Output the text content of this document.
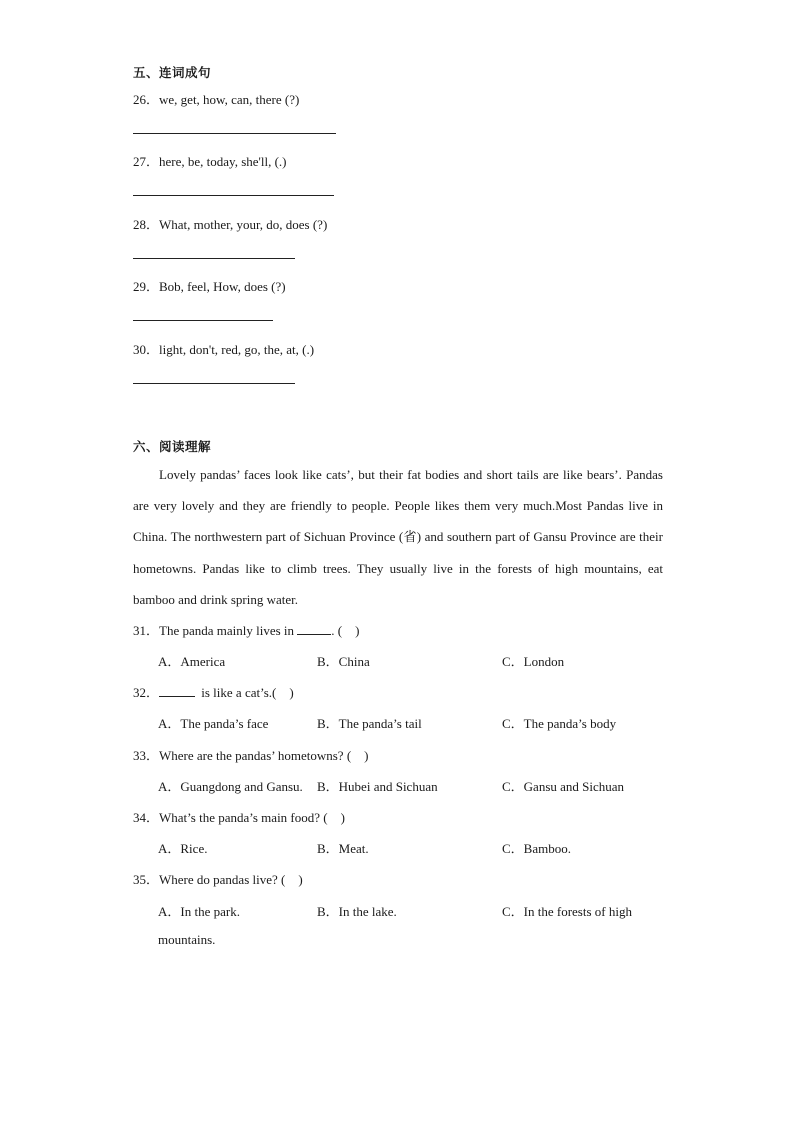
五、连词成句
26．we, get, how, can, there (?)
27．here, be, today, she'll, (.)
28．What, mother, your, do, does (?)
29．Bob, feel, How, does (?)
30．light, don't, red, go, the, at, (.)
六、阅读理解

Lovely pandas’ faces look like cats’, but their fat bodies and short tails are like bears’. Pandas are very lovely and they are friendly to people. People likes them very much.Most Pandas live in China. The northwestern part of Sichuan Province (省) and southern part of Gansu Province are their hometowns. Pandas like to climb trees. They usually live in the forests of high mountains, eat bamboo and drink spring water.

31．The panda mainly lives in	. (　)
A．America	B．China	C．London
32．	is like a cat’s.(　)
A．The panda’s face	B．The panda’s tail	C．The panda’s body
33．Where are the pandas’ hometowns? (　)
A．Guangdong and Gansu. B．Hubei and Sichuan	C．Gansu and Sichuan
34．What’s the panda’s main food? (　)
A．Rice.	B．Meat.	C．Bamboo.
35．Where do pandas live? (　)
A．In the park.	B．In the lake.	C．In the forests of high
mountains.
